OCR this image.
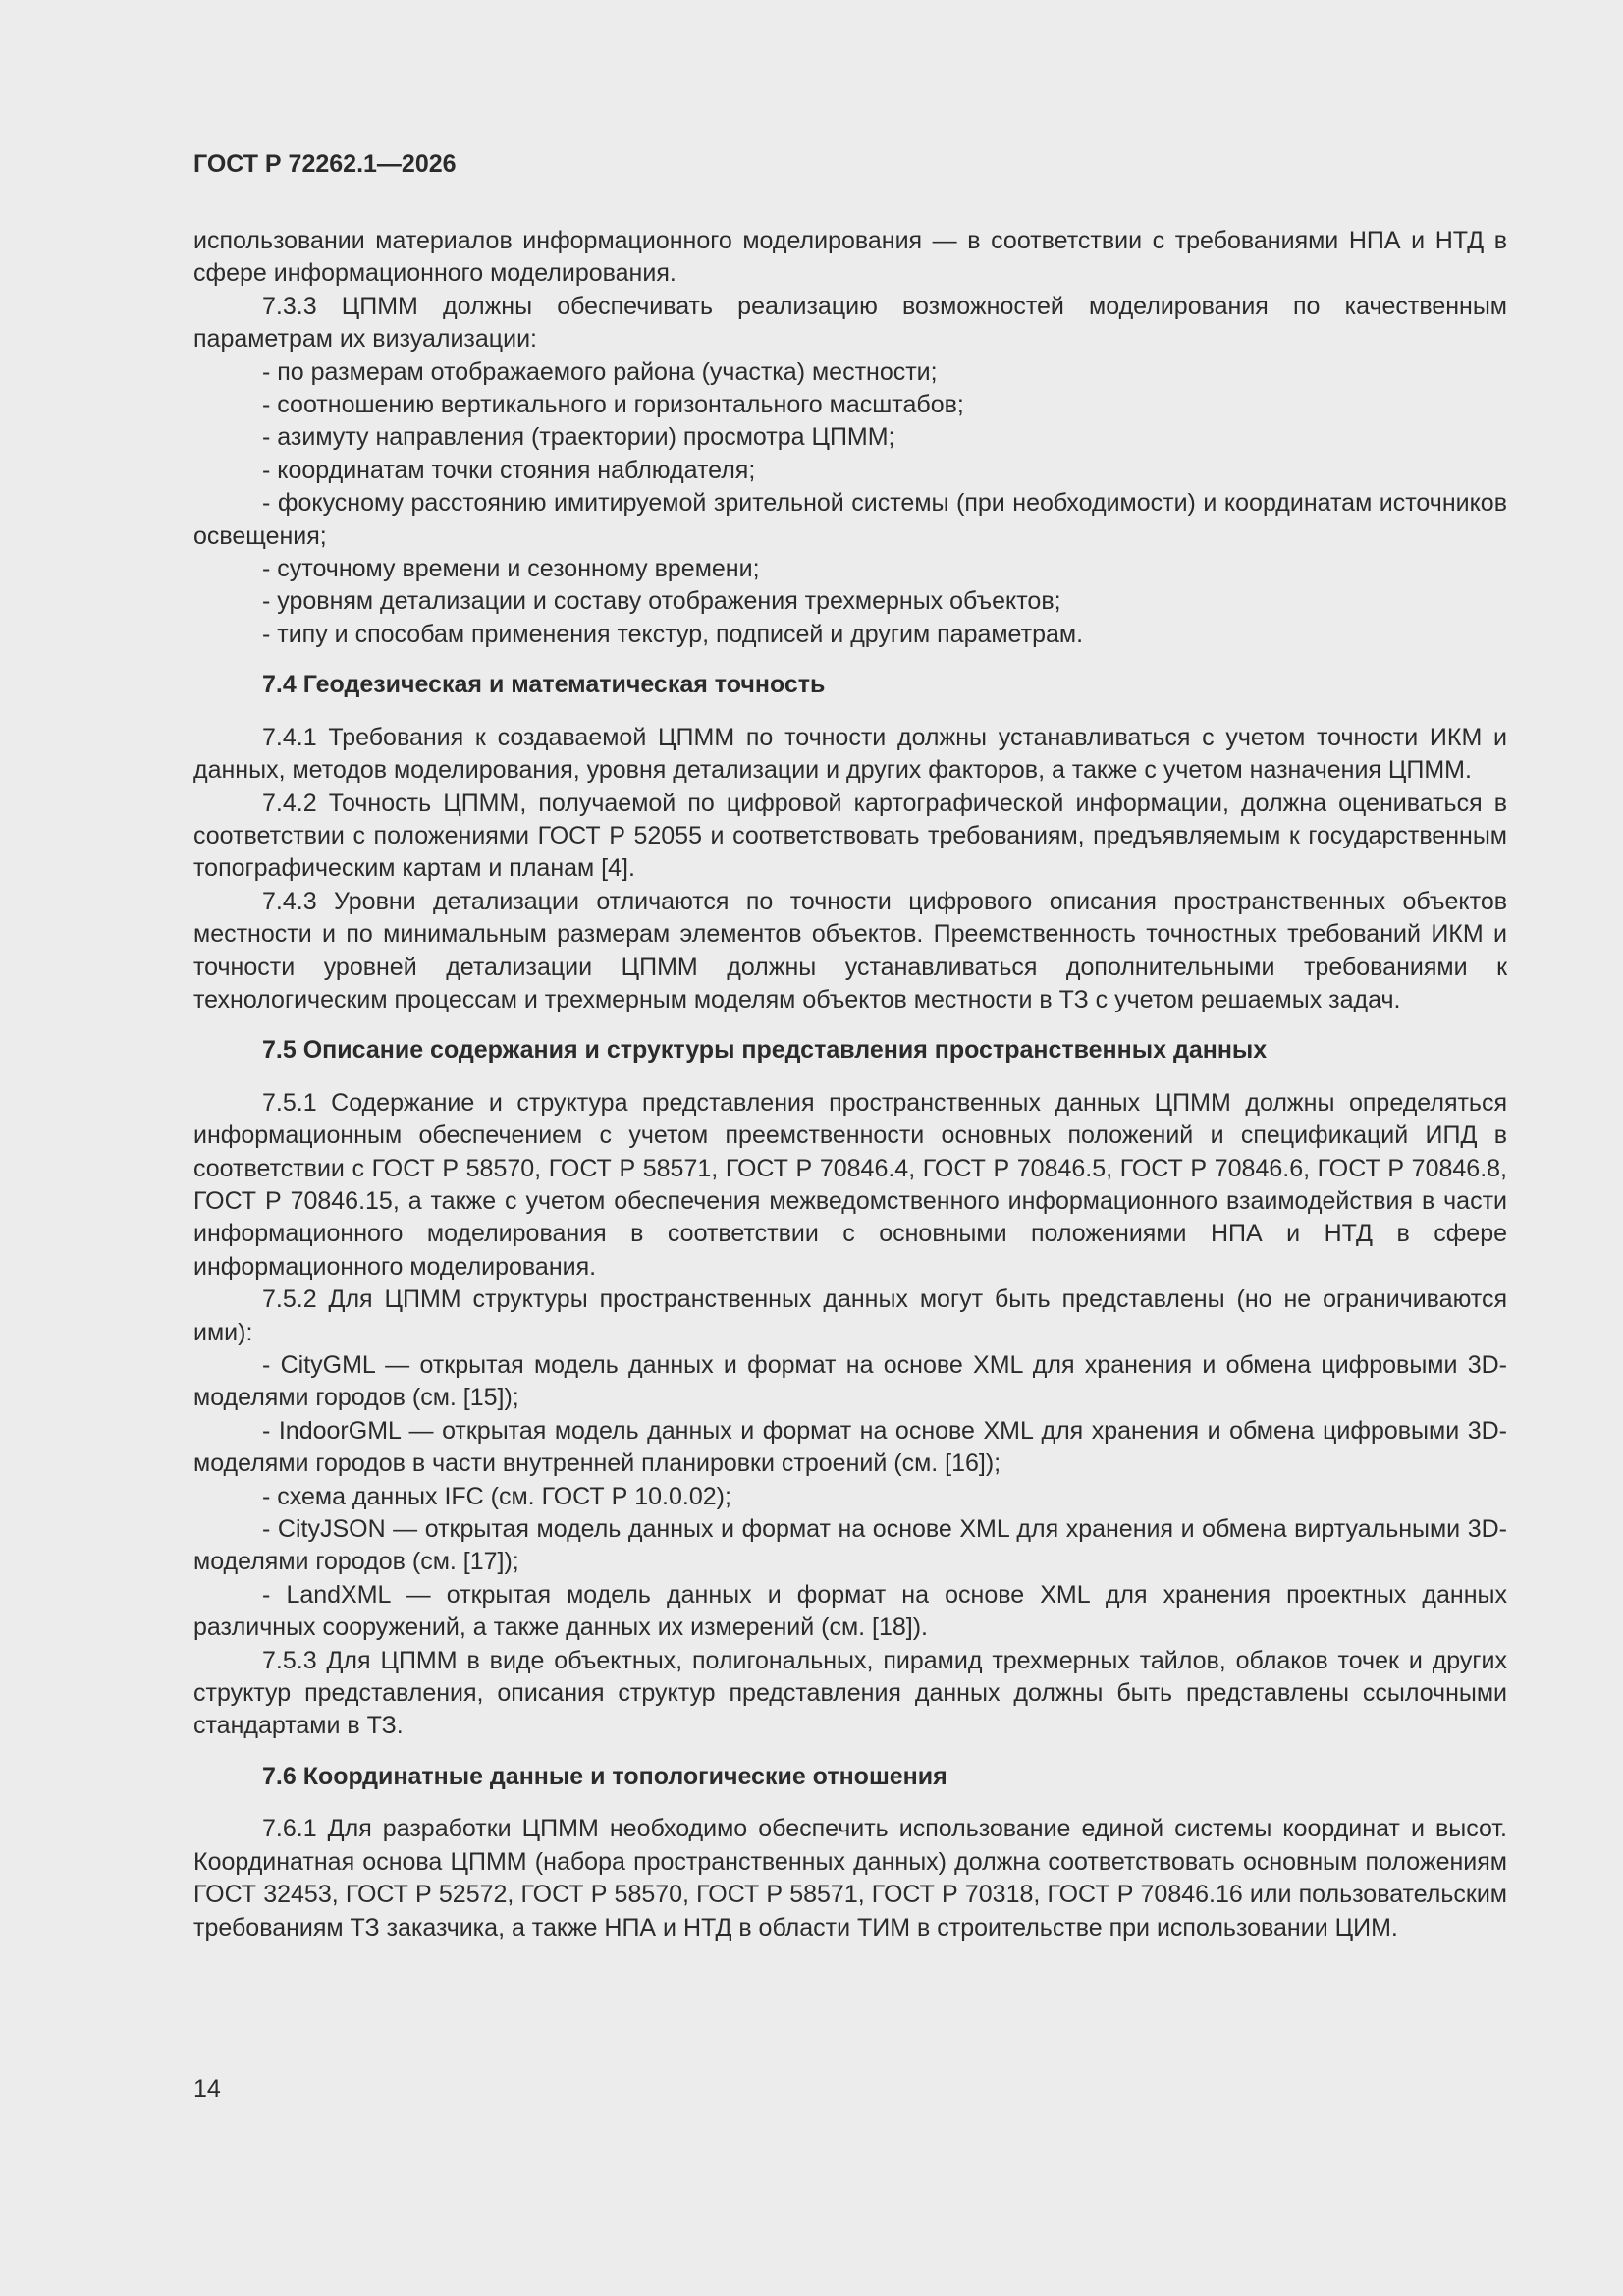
ГОСТ Р 72262.1—2026

использовании материалов информационного моделирования — в соответствии с требованиями НПА и НТД в сфере информационного моделирования.

7.3.3 ЦПММ должны обеспечивать реализацию возможностей моделирования по качественным параметрам их визуализации:

- по размерам отображаемого района (участка) местности;

- соотношению вертикального и горизонтального масштабов;

- азимуту направления (траектории) просмотра ЦПММ;

- координатам точки стояния наблюдателя;

- фокусному расстоянию имитируемой зрительной системы (при необходимости) и координатам источников освещения;

- суточному времени и сезонному времени;

- уровням детализации и составу отображения трехмерных объектов;

- типу и способам применения текстур, подписей и другим параметрам.

7.4 Геодезическая и математическая точность

7.4.1 Требования к создаваемой ЦПММ по точности должны устанавливаться с учетом точности ИКМ и данных, методов моделирования, уровня детализации и других факторов, а также с учетом назначения ЦПММ.

7.4.2 Точность ЦПММ, получаемой по цифровой картографической информации, должна оцениваться в соответствии с положениями ГОСТ Р 52055 и соответствовать требованиям, предъявляемым к государственным топографическим картам и планам [4].

7.4.3 Уровни детализации отличаются по точности цифрового описания пространственных объектов местности и по минимальным размерам элементов объектов. Преемственность точностных требований ИКМ и точности уровней детализации ЦПММ должны устанавливаться дополнительными требованиями к технологическим процессам и трехмерным моделям объектов местности в ТЗ с учетом решаемых задач.

7.5 Описание содержания и структуры представления пространственных данных

7.5.1 Содержание и структура представления пространственных данных ЦПММ должны определяться информационным обеспечением с учетом преемственности основных положений и спецификаций ИПД в соответствии с ГОСТ Р 58570, ГОСТ Р 58571, ГОСТ Р 70846.4, ГОСТ Р 70846.5, ГОСТ Р 70846.6, ГОСТ Р 70846.8, ГОСТ Р 70846.15, а также с учетом обеспечения межведомственного информационного взаимодействия в части информационного моделирования в соответствии с основными положениями НПА и НТД в сфере информационного моделирования.

7.5.2 Для ЦПММ структуры пространственных данных могут быть представлены (но не ограничиваются ими):

- CityGML — открытая модель данных и формат на основе XML для хранения и обмена цифровыми 3D-моделями городов (см. [15]);

- IndoorGML — открытая модель данных и формат на основе XML для хранения и обмена цифровыми 3D-моделями городов в части внутренней планировки строений (см. [16]);

- схема данных IFC (см. ГОСТ Р 10.0.02);

- CityJSON — открытая модель данных и формат на основе XML для хранения и обмена виртуальными 3D-моделями городов (см. [17]);

- LandXML — открытая модель данных и формат на основе XML для хранения проектных данных различных сооружений, а также данных их измерений (см. [18]).

7.5.3 Для ЦПММ в виде объектных, полигональных, пирамид трехмерных тайлов, облаков точек и других структур представления, описания структур представления данных должны быть представлены ссылочными стандартами в ТЗ.

7.6 Координатные данные и топологические отношения

7.6.1 Для разработки ЦПММ необходимо обеспечить использование единой системы координат и высот. Координатная основа ЦПММ (набора пространственных данных) должна соответствовать основным положениям ГОСТ 32453, ГОСТ Р 52572, ГОСТ Р 58570, ГОСТ Р 58571, ГОСТ Р 70318, ГОСТ Р 70846.16 или пользовательским требованиям ТЗ заказчика, а также НПА и НТД в области ТИМ в строительстве при использовании ЦИМ.

14
